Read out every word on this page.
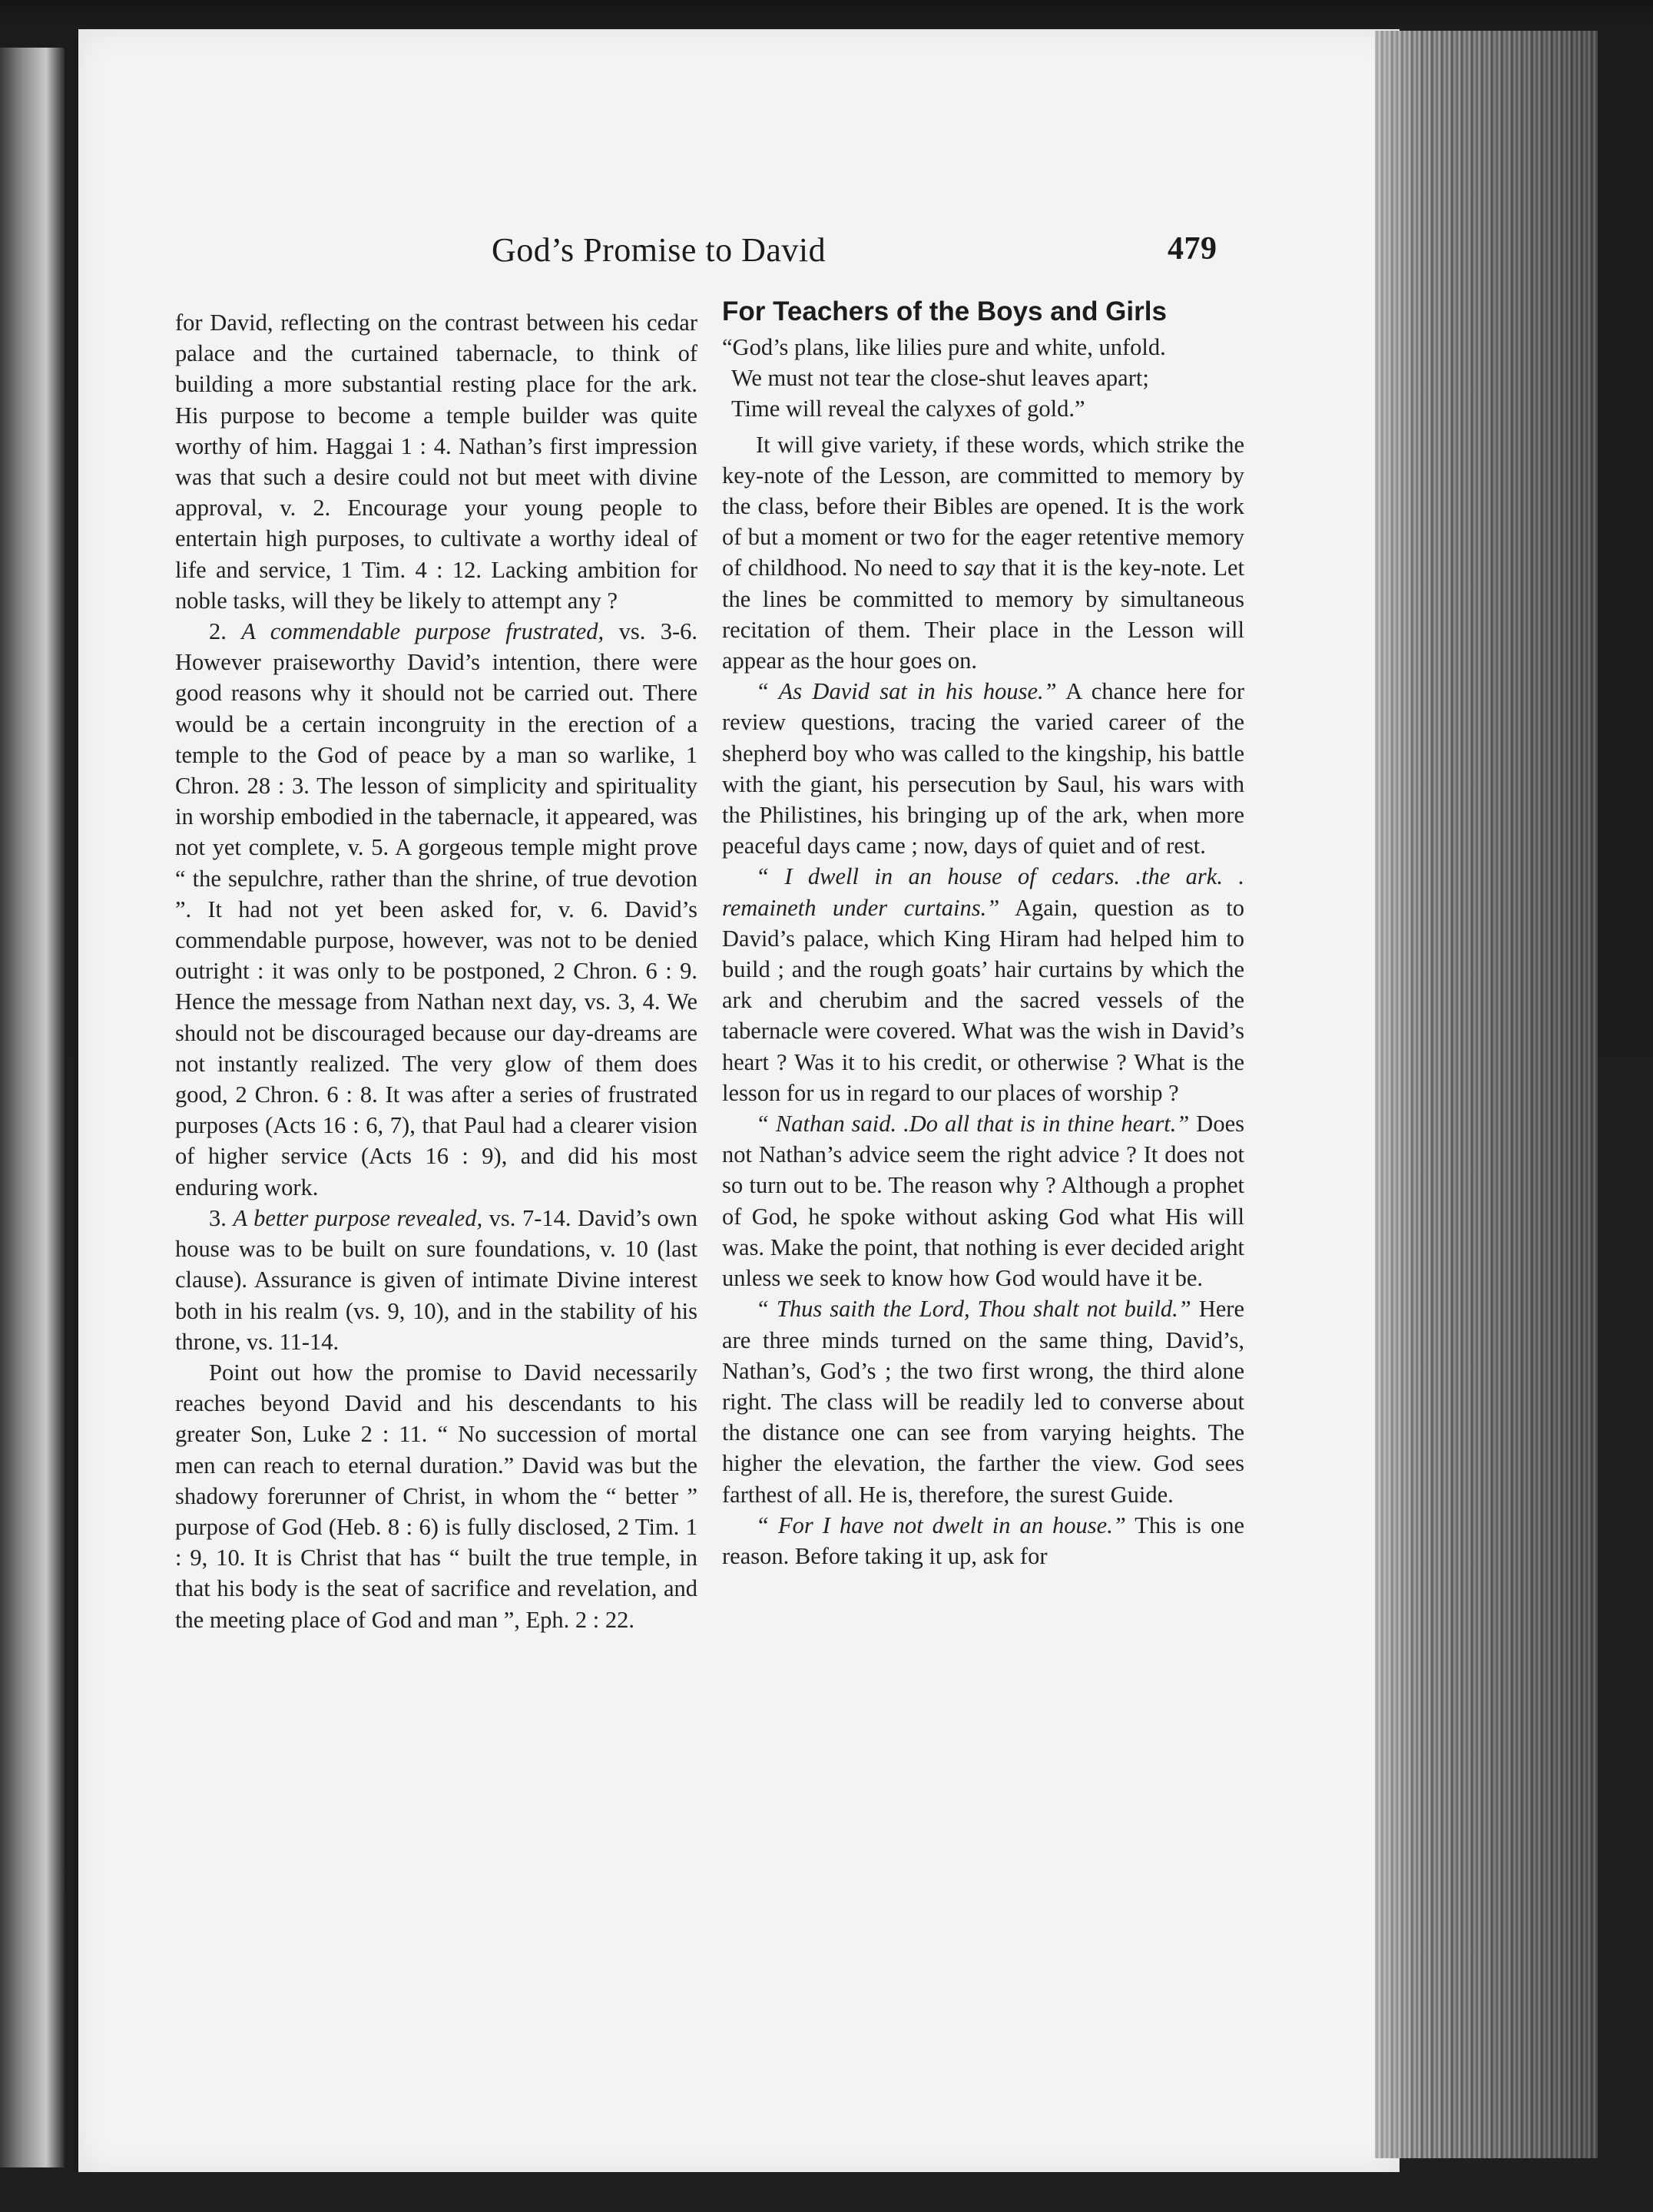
God’s Promise to David	479

for David, reflecting on the contrast between his cedar palace and the curtained tabernacle, to think of building a more substantial resting place for the ark. His purpose to become a temple builder was quite worthy of him. Haggai 1 : 4. Nathan’s first impression was that such a desire could not but meet with divine approval, v. 2. Encourage your young people to entertain high purposes, to cultivate a worthy ideal of life and service, 1 Tim. 4 : 12. Lacking ambition for noble tasks, will they be likely to attempt any ?

2. A commendable purpose frustrated, vs. 3-6. However praiseworthy David’s intention, there were good reasons why it should not be carried out. There would be a certain incongruity in the erection of a temple to the God of peace by a man so warlike, 1 Chron. 28 : 3. The lesson of simplicity and spirituality in worship embodied in the tabernacle, it appeared, was not yet complete, v. 5. A gorgeous temple might prove “ the sepulchre, rather than the shrine, of true devotion ”. It had not yet been asked for, v. 6. David’s commendable purpose, however, was not to be denied outright : it was only to be postponed, 2 Chron. 6 : 9. Hence the message from Nathan next day, vs. 3, 4. We should not be discouraged because our day-dreams are not instantly realized. The very glow of them does good, 2 Chron. 6 : 8. It was after a series of frustrated purposes (Acts 16 : 6, 7), that Paul had a clearer vision of higher service (Acts 16 : 9), and did his most enduring work.

3. A better purpose revealed, vs. 7-14. David’s own house was to be built on sure foundations, v. 10 (last clause). Assurance is given of intimate Divine interest both in his realm (vs. 9, 10), and in the stability of his throne, vs. 11-14.

Point out how the promise to David necessarily reaches beyond David and his descendants to his greater Son, Luke 2 : 11. “ No succession of mortal men can reach to eternal duration.” David was but the shadowy forerunner of Christ, in whom the “ better ” purpose of God (Heb. 8 : 6) is fully disclosed, 2 Tim. 1 : 9, 10. It is Christ that has “ built the true temple, in that his body is the seat of sacrifice and revelation, and the meeting place of God and man ”, Eph. 2 : 22.

For Teachers of the Boys and Girls

“God’s plans, like lilies pure and white, unfold.

We must not tear the close-shut leaves apart;

Time will reveal the calyxes of gold.”

It will give variety, if these words, which strike the key-note of the Lesson, are committed to memory by the class, before their Bibles are opened. It is the work of but a moment or two for the eager retentive memory of childhood. No need to say that it is the key-note. Let the lines be committed to memory by simultaneous recitation of them. Their place in the Lesson will appear as the hour goes on.

“ As David sat in his house.” A chance here for review questions, tracing the varied career of the shepherd boy who was called to the kingship, his battle with the giant, his persecution by Saul, his wars with the Philistines, his bringing up of the ark, when more peaceful days came ; now, days of quiet and of rest.

“ I dwell in an house of cedars. .the ark. . remaineth under curtains.” Again, question as to David’s palace, which King Hiram had helped him to build ; and the rough goats’ hair curtains by which the ark and cherubim and the sacred vessels of the tabernacle were covered. What was the wish in David’s heart ? Was it to his credit, or otherwise ? What is the lesson for us in regard to our places of worship ?

“ Nathan said. .Do all that is in thine heart.” Does not Nathan’s advice seem the right advice ? It does not so turn out to be. The reason why ? Although a prophet of God, he spoke without asking God what His will was. Make the point, that nothing is ever decided aright unless we seek to know how God would have it be.

“ Thus saith the Lord, Thou shalt not build.” Here are three minds turned on the same thing, David’s, Nathan’s, God’s ; the two first wrong, the third alone right. The class will be readily led to converse about the distance one can see from varying heights. The higher the elevation, the farther the view. God sees farthest of all. He is, therefore, the surest Guide.

“ For I have not dwelt in an house.” This is one reason. Before taking it up, ask for
